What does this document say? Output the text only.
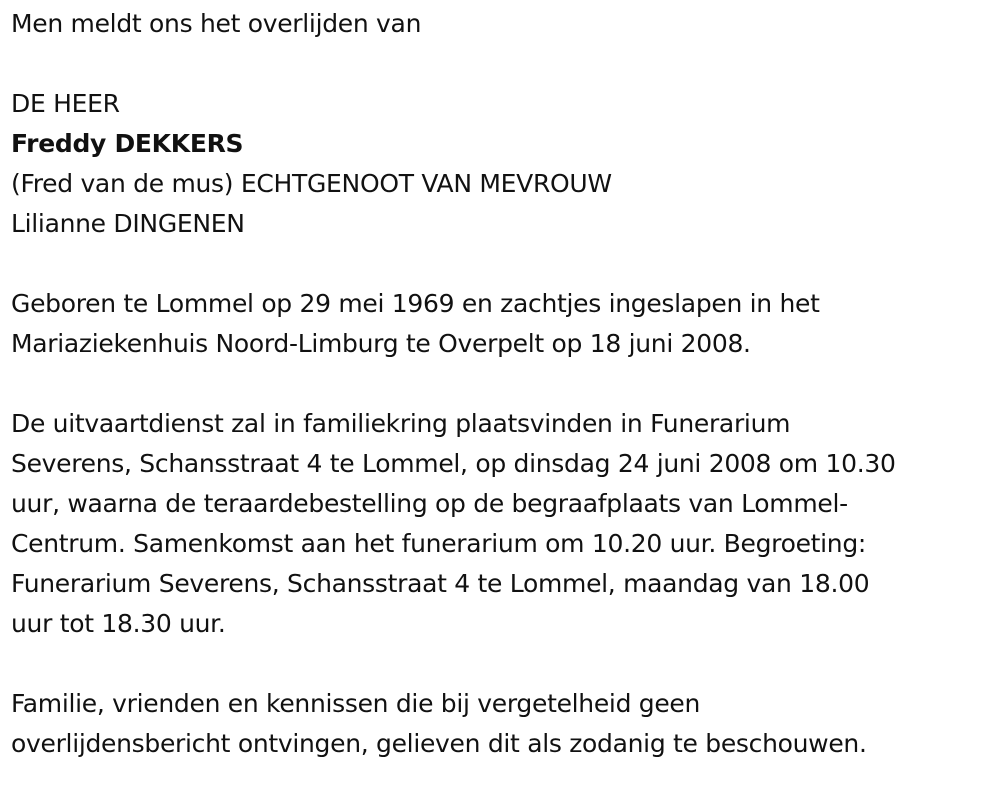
Men meldt ons het overlijden van
DE HEER
Freddy DEKKERS
(Fred van de mus) ECHTGENOOT VAN MEVROUW
Lilianne DINGENEN
Geboren te Lommel op 29 mei 1969 en zachtjes ingeslapen in het
Mariaziekenhuis Noord-Limburg te Overpelt op 18 juni 2008.
De uitvaartdienst zal in familiekring plaatsvinden in Funerarium
Severens, Schansstraat 4 te Lommel, op dinsdag 24 juni 2008 om 10.30
uur, waarna de teraardebestelling op de begraafplaats van Lommel-
Centrum. Samenkomst aan het funerarium om 10.20 uur. Begroeting:
Funerarium Severens, Schansstraat 4 te Lommel, maandag van 18.00
uur tot 18.30 uur.
Familie, vrienden en kennissen die bij vergetelheid geen
overlijdensbericht ontvingen, gelieven dit als zodanig te beschouwen.
